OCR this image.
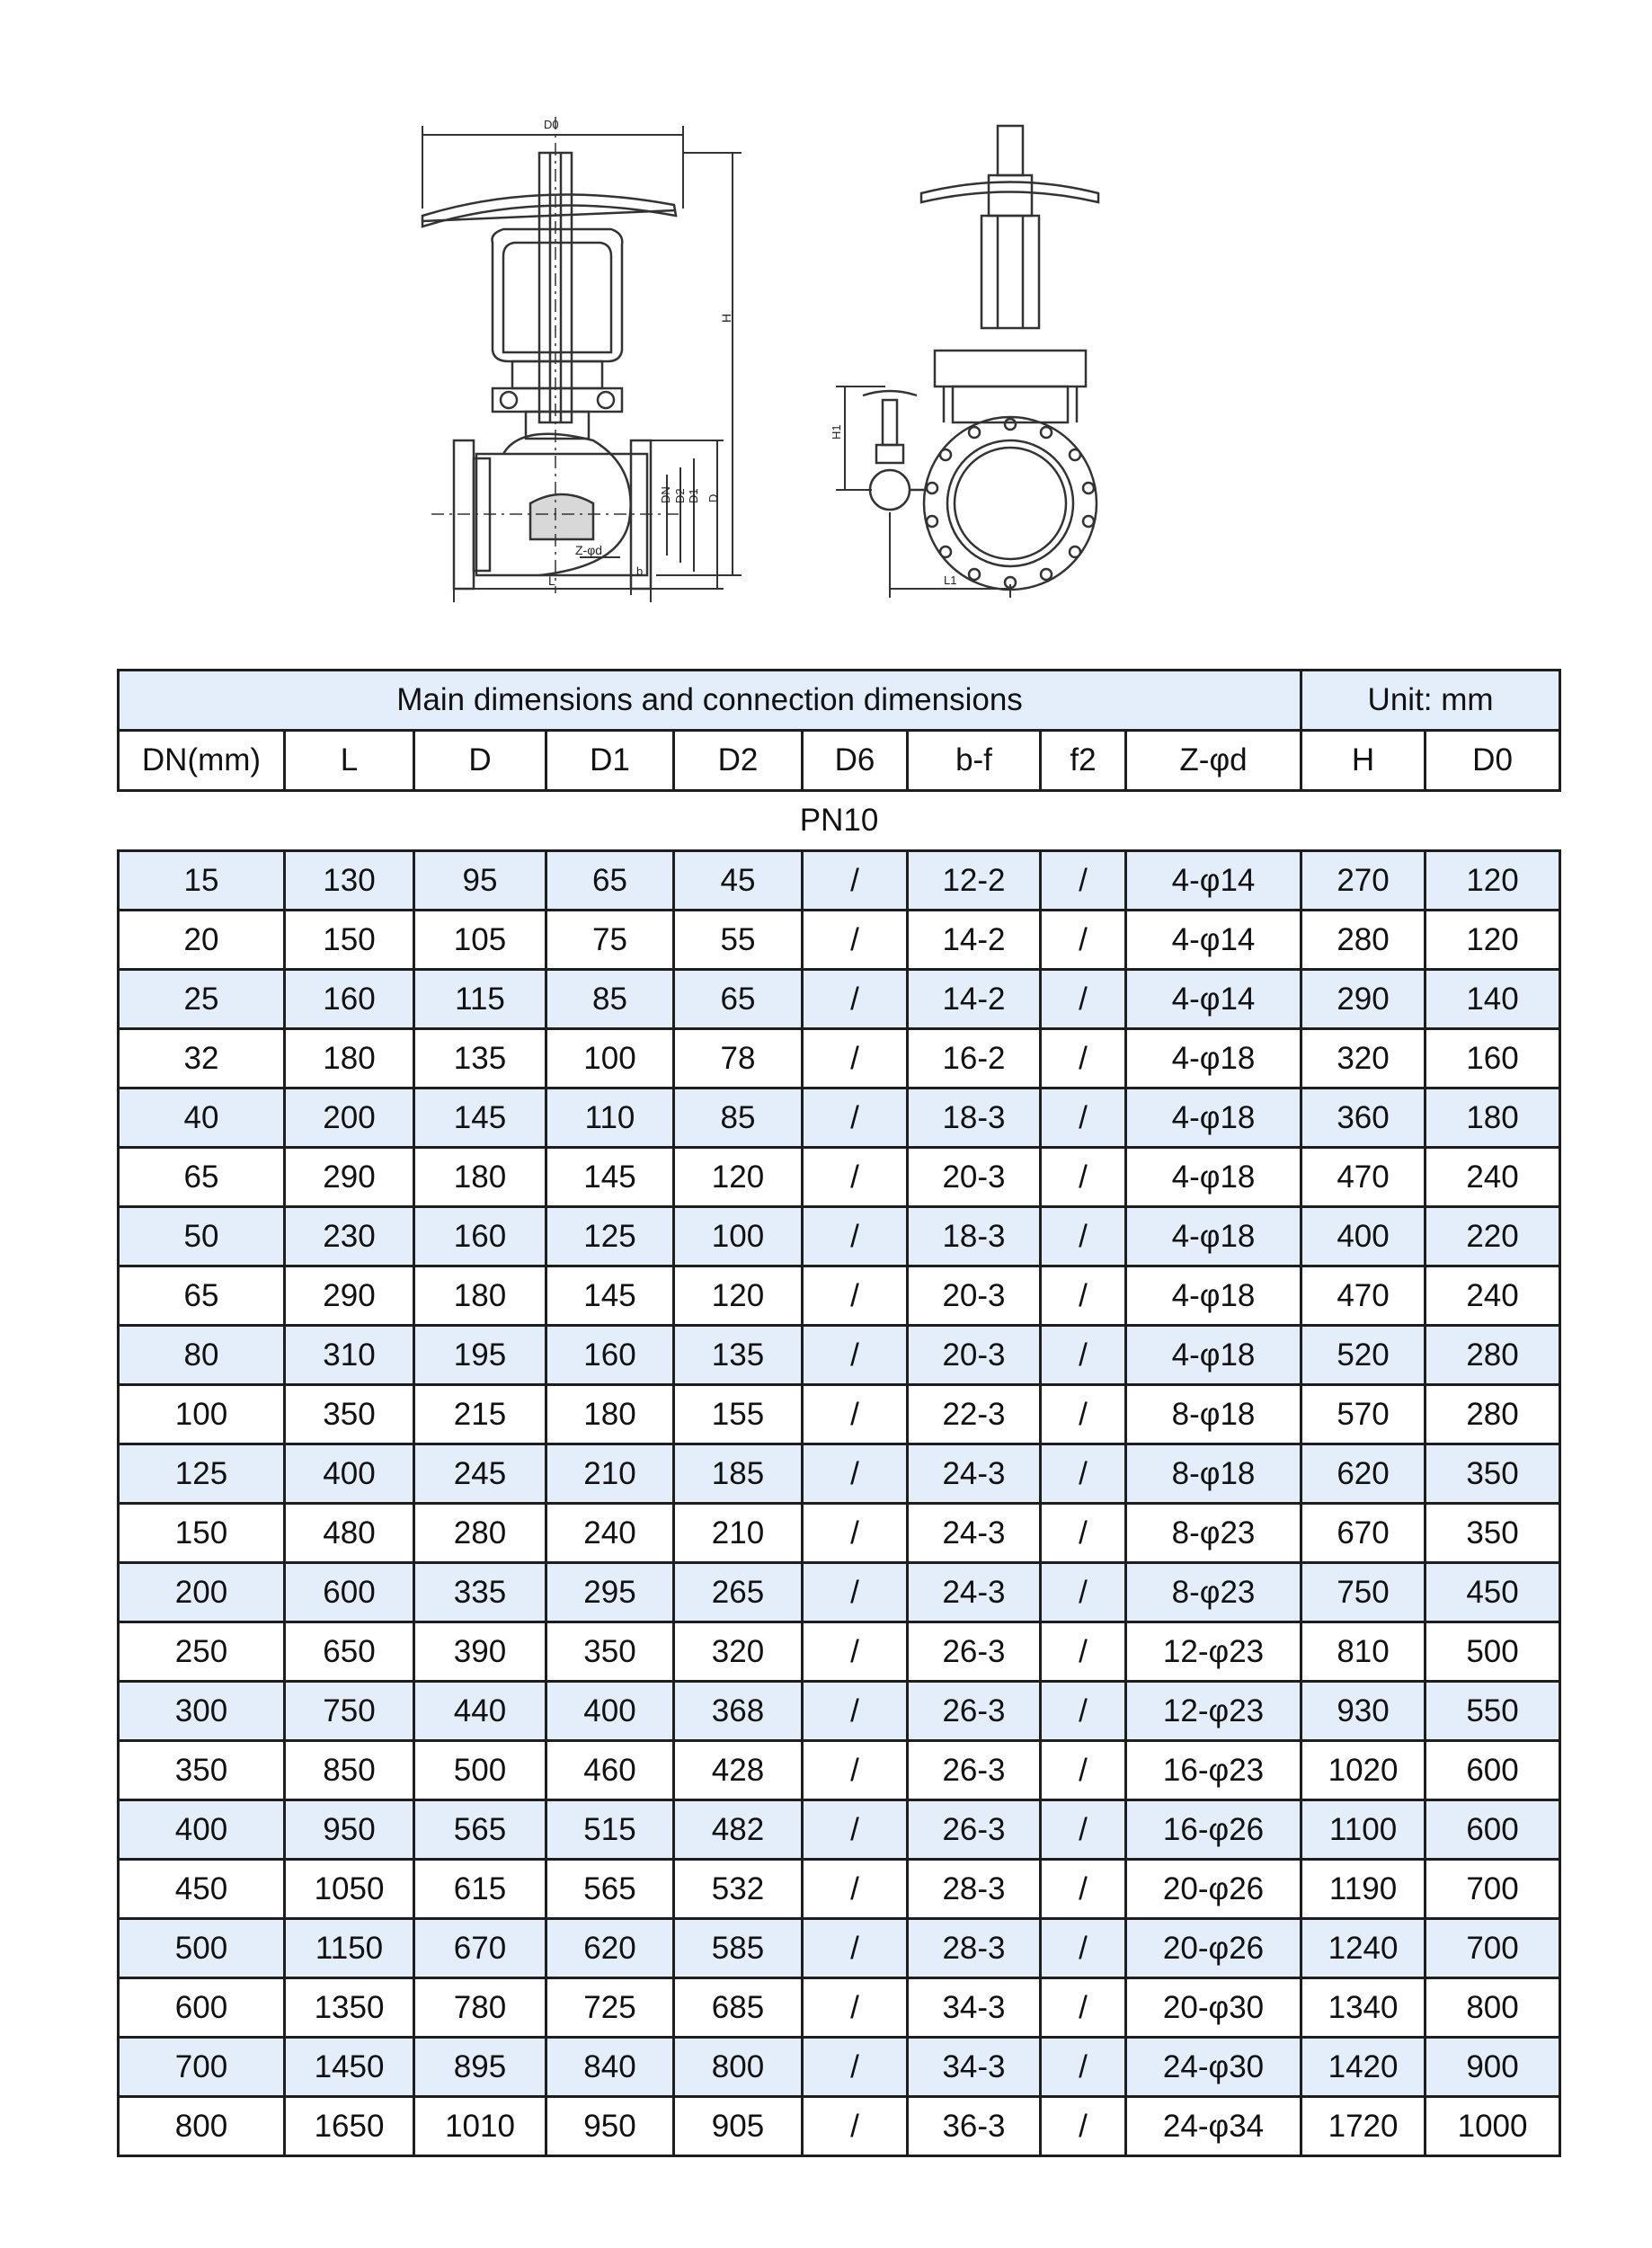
D0
H
DN D2 D1 D
Z-φd
b
L
H1
L1
Main dimensions and connection dimensions									Unit: mm	
DN(mm)	L	D	D1	D2	D6	b-f	f2	Z-φd	H	D0
PN10										
15	130	95	65	45	/	12-2	/	4-φ14	270	120
20	150	105	75	55	/	14-2	/	4-φ14	280	120
25	160	115	85	65	/	14-2	/	4-φ14	290	140
32	180	135	100	78	/	16-2	/	4-φ18	320	160
40	200	145	110	85	/	18-3	/	4-φ18	360	180
65	290	180	145	120	/	20-3	/	4-φ18	470	240
50	230	160	125	100	/	18-3	/	4-φ18	400	220
65	290	180	145	120	/	20-3	/	4-φ18	470	240
80	310	195	160	135	/	20-3	/	4-φ18	520	280
100	350	215	180	155	/	22-3	/	8-φ18	570	280
125	400	245	210	185	/	24-3	/	8-φ18	620	350
150	480	280	240	210	/	24-3	/	8-φ23	670	350
200	600	335	295	265	/	24-3	/	8-φ23	750	450
250	650	390	350	320	/	26-3	/	12-φ23	810	500
300	750	440	400	368	/	26-3	/	12-φ23	930	550
350	850	500	460	428	/	26-3	/	16-φ23	1020	600
400	950	565	515	482	/	26-3	/	16-φ26	1100	600
450	1050	615	565	532	/	28-3	/	20-φ26	1190	700
500	1150	670	620	585	/	28-3	/	20-φ26	1240	700
600	1350	780	725	685	/	34-3	/	20-φ30	1340	800
700	1450	895	840	800	/	34-3	/	24-φ30	1420	900
800	1650	1010	950	905	/	36-3	/	24-φ34	1720	1000
